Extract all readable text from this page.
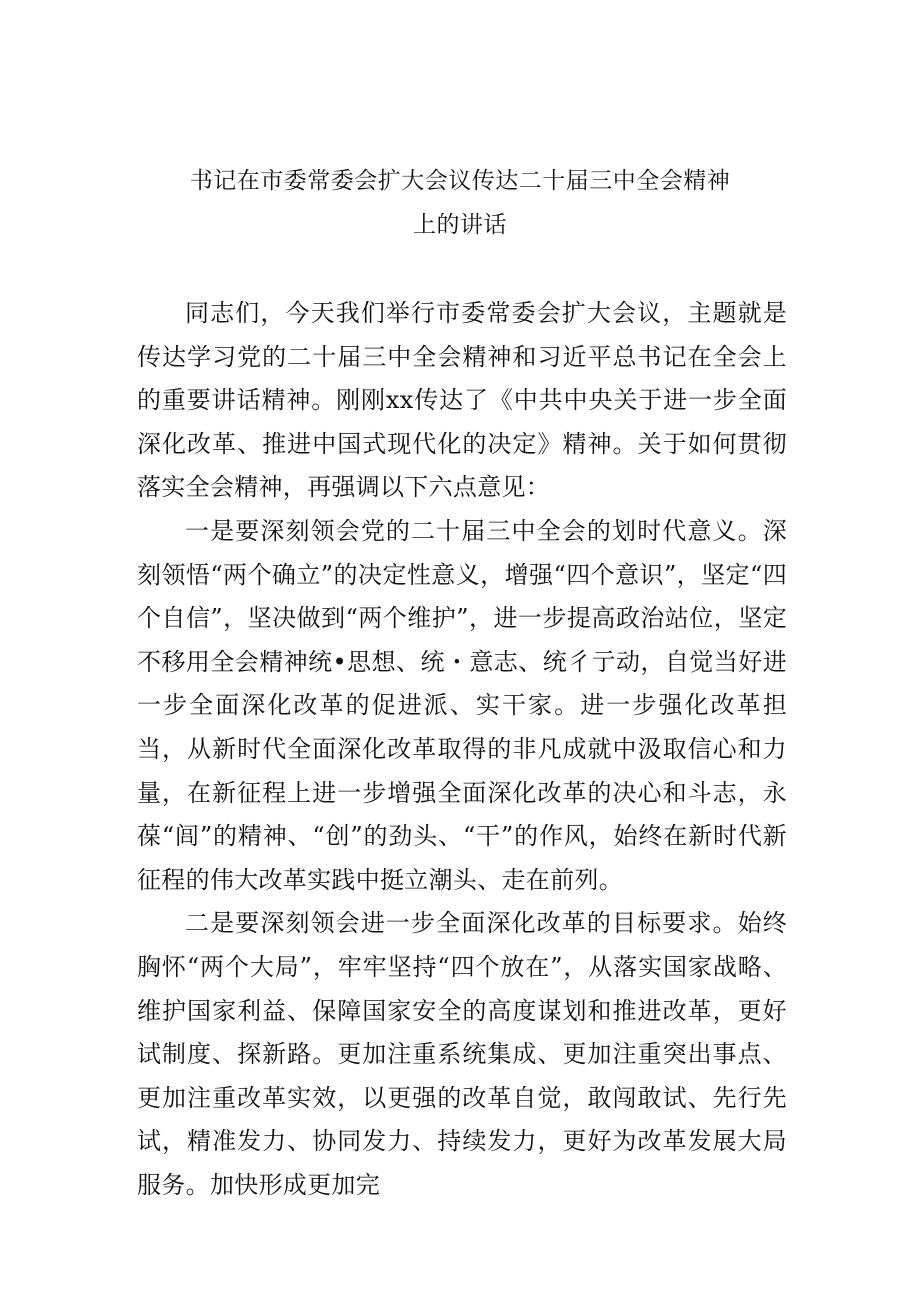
书记在市委常委会扩大会议传达二十届三中全会精神
上的讲话

同志们，今天我们举行市委常委会扩大会议，主题就是传达学习党的二十届三中全会精神和习近平总书记在全会上的重要讲话精神。刚刚xx传达了《中共中央关于进一步全面深化改革、推进中国式现代化的决定》精神。关于如何贯彻落实全会精神，再强调以下六点意见：

一是要深刻领会党的二十届三中全会的划时代意义。深刻领悟“两个确立”的决定性意义，增强“四个意识”，坚定“四个自信”，坚决做到“两个维护”，进一步提高政治站位，坚定不移用全会精神统•思想、统・意志、统彳亍动，自觉当好进一步全面深化改革的促进派、实干家。进一步强化改革担当，从新时代全面深化改革取得的非凡成就中汲取信心和力量，在新征程上进一步增强全面深化改革的决心和斗志，永葆“闾”的精神、“创”的劲头、“干”的作风，始终在新时代新征程的伟大改革实践中挺立潮头、走在前列。

二是要深刻领会进一步全面深化改革的目标要求。始终胸怀“两个大局”，牢牢坚持“四个放在”，从落实国家战略、维护国家利益、保障国家安全的高度谋划和推进改革，更好试制度、探新路。更加注重系统集成、更加注重突出事点、更加注重改革实效，以更强的改革自觉，敢闯敢试、先行先试，精准发力、协同发力、持续发力，更好为改革发展大局服务。加快形成更加完
